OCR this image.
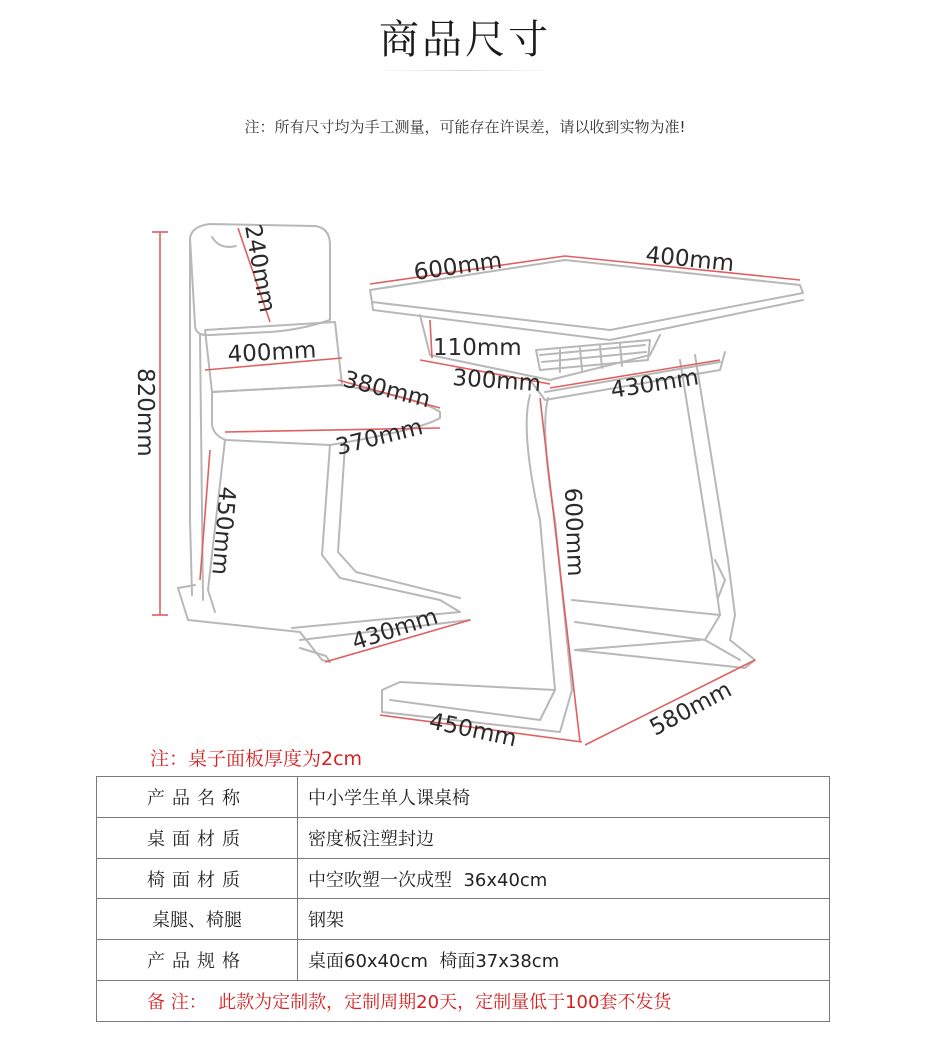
商品尺寸
注：所有尺寸均为手工测量，可能存在许误差，请以收到实物为准!
820mm
240mm
400mm
380mm
370mm
450mm
430mm
600mm	400mm
110mm
300mm	430mm
600mm
450mm	580mm
注：桌子面板厚度为2cm
产品名称	中小学生单人课桌椅
桌面材质	密度板注塑封边
椅面材质	中空吹塑一次成型  36x40cm
桌腿、椅腿	钢架
产品规格	桌面60x40cm  椅面37x38cm
备 注：  此款为定制款，定制周期20天，定制量低于100套不发货	
